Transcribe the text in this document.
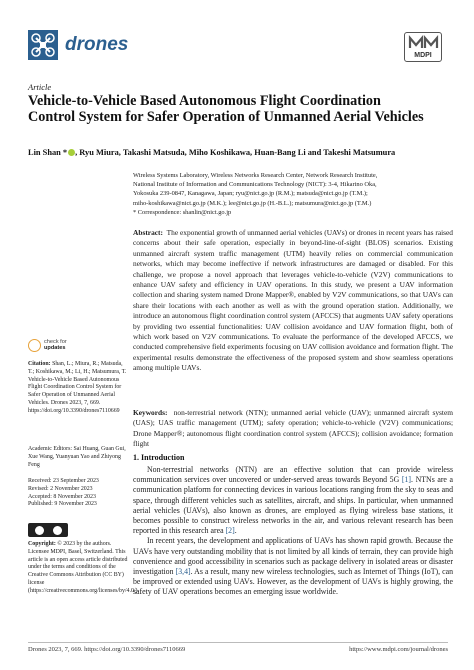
drones
MDPI
Article
Vehicle-to-Vehicle Based Autonomous Flight Coordination Control System for Safer Operation of Unmanned Aerial Vehicles
Lin Shan * , Ryu Miura, Takashi Matsuda, Miho Koshikawa, Huan-Bang Li and Takeshi Matsumura
Wireless Systems Laboratory, Wireless Networks Research Center, Network Research Institute,
National Institute of Information and Communications Technology (NICT): 3-4, Hikarino Oka,
Yokosuka 239-0847, Kanagawa, Japan; ryu@nict.go.jp (R.M.); matsuda@nict.go.jp (T.M.);
miho-koshikawa@nict.go.jp (M.K.); lee@nict.go.jp (H.-B.L.); matsumura@nict.go.jp (T.M.)
* Correspondence: shanlin@nict.go.jp
Abstract: The exponential growth of unmanned aerial vehicles (UAVs) or drones in recent years has raised concerns about their safe operation, especially in beyond-line-of-sight (BLOS) scenarios. Existing unmanned aircraft system traffic management (UTM) heavily relies on commercial communication networks, which may become ineffective if network infrastructures are damaged or disabled. For this challenge, we propose a novel approach that leverages vehicle-to-vehicle (V2V) communications to enhance UAV safety and efficiency in UAV operations. In this study, we present a UAV information collection and sharing system named Drone Mapper®, enabled by V2V communications, so that UAVs can share their locations with each another as well as with the ground operation station. Additionally, we introduce an autonomous flight coordination control system (AFCCS) that augments UAV safety operations by providing two essential functionalities: UAV collision avoidance and UAV formation flight, both of which work based on V2V communications. To evaluate the performance of the developed AFCCS, we conducted comprehensive field experiments focusing on UAV collision avoidance and formation flight. The experimental results demonstrate the effectiveness of the proposed system and show seamless operations among multiple UAVs.
Keywords: non-terrestrial network (NTN); unmanned aerial vehicle (UAV); unmanned aircraft system (UAS); UAS traffic management (UTM); safety operation; vehicle-to-vehicle (V2V) communications; Drone Mapper®; autonomous flight coordination control system (AFCCS); collision avoidance; formation flight
check for
updates
Citation: Shan, L.; Miura, R.; Matsuda, T.; Koshikawa, M.; Li, H.; Matsumura, T. Vehicle-to-Vehicle Based Autonomous Flight Coordination Control System for Safer Operation of Unmanned Aerial Vehicles. Drones 2023, 7, 669. https://doi.org/10.3390/drones7110669
Academic Editors: Sai Huang, Guan Gui, Xue Wang, Yuanyuan Yao and Zhiyong Feng
Received: 23 September 2023
Revised: 2 November 2023
Accepted: 8 November 2023
Published: 9 November 2023
Copyright: © 2023 by the authors. Licensee MDPI, Basel, Switzerland. This article is an open access article distributed under the terms and conditions of the Creative Commons Attribution (CC BY) license (https://creativecommons.org/licenses/by/4.0/).
1. Introduction

Non-terrestrial networks (NTN) are an effective solution that can provide wireless communication services over uncovered or under-served areas towards Beyond 5G [1]. NTNs are a communication platform for connecting devices in various locations ranging from the sky to seas and space, through different vehicles such as satellites, aircraft, and ships. In particular, when unmanned aerial vehicles (UAVs), also known as drones, are employed as flying wireless base stations, it becomes possible to construct wireless networks in the air, and various relevant research has been reported in this research area [2].

In recent years, the development and applications of UAVs has shown rapid growth. Because the UAVs have very outstanding mobility that is not limited by all kinds of terrain, they can provide high convenience and good accessibility in scenarios such as package delivery in isolated areas or disaster investigation [3,4]. As a result, many new wireless technologies, such as Internet of Things (IoT), can be improved or extended using UAVs. However, as the development of UAVs is highly growing, the safety of UAV operations becomes an emerging issue worldwide.

Drones 2023, 7, 669. https://doi.org/10.3390/drones7110669	https://www.mdpi.com/journal/drones
